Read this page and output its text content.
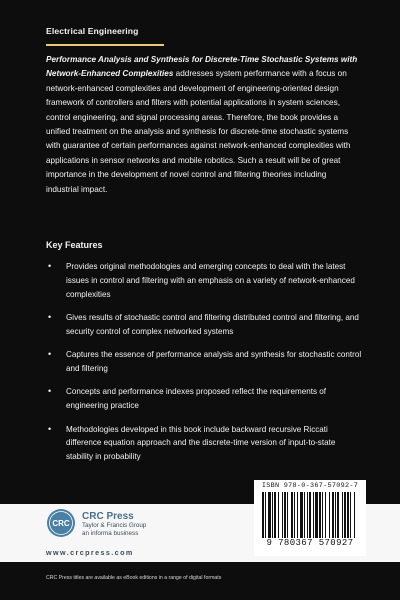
Electrical Engineering

Performance Analysis and Synthesis for Discrete-Time Stochastic Systems with Network-Enhanced Complexities addresses system performance with a focus on network-enhanced complexities and development of engineering-oriented design framework of controllers and filters with potential applications in system sciences, control engineering, and signal processing areas. Therefore, the book provides a unified treatment on the analysis and synthesis for discrete-time stochastic systems with guarantee of certain performances against network-enhanced complexities with applications in sensor networks and mobile robotics. Such a result will be of great importance in the development of novel control and filtering theories including industrial impact.

Key Features
• Provides original methodologies and emerging concepts to deal with the latest issues in control and filtering with an emphasis on a variety of network-enhanced complexities
• Gives results of stochastic control and filtering distributed control and filtering, and security control of complex networked systems
• Captures the essence of performance analysis and synthesis for stochastic control and filtering
• Concepts and performance indexes proposed reflect the requirements of engineering practice
• Methodologies developed in this book include backward recursive Riccati difference equation approach and the discrete-time version of input-to-state stability in probability
CRC
CRC Press
Taylor & Francis Group
an informa business
www.crcpress.com
ISBN 978-0-367-57092-7
9 780367 570927
CRC Press titles are available as eBook editions in a range of digital formats
